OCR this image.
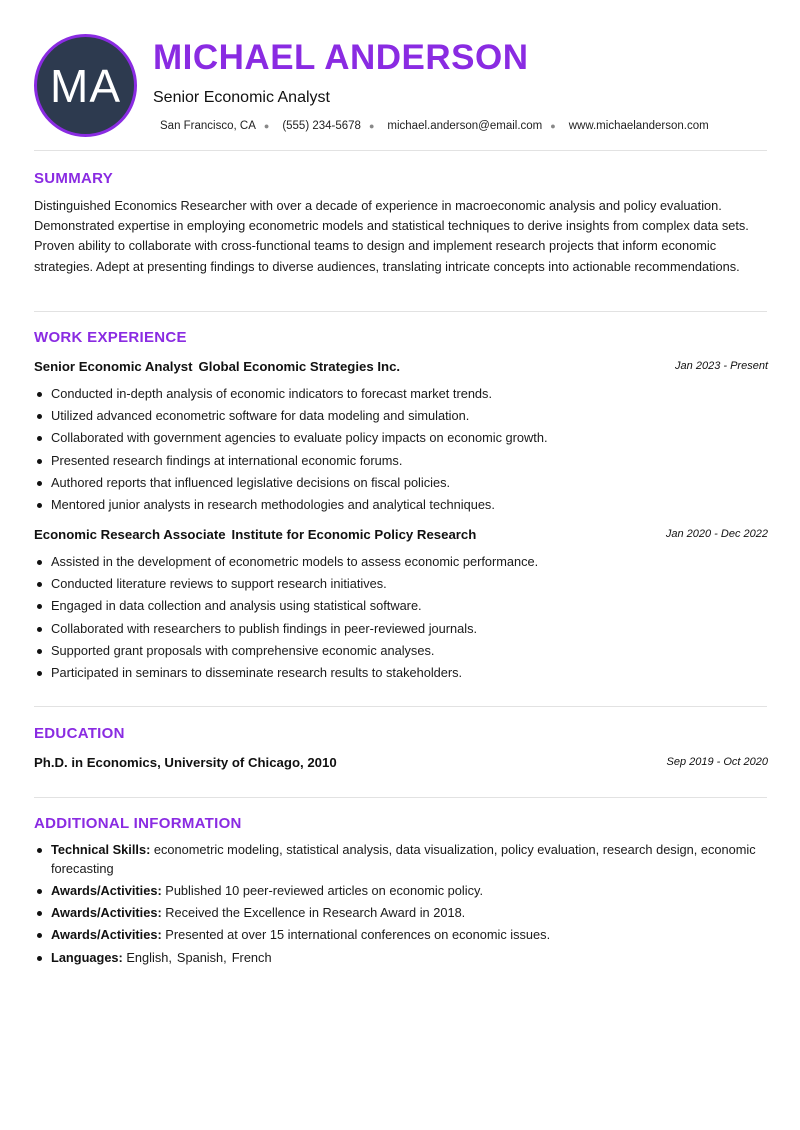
MA
MICHAEL ANDERSON
Senior Economic Analyst
San Francisco, CA ● (555) 234-5678 ● michael.anderson@email.com ● www.michaelanderson.com
SUMMARY

Distinguished Economics Researcher with over a decade of experience in macroeconomic analysis and policy evaluation. Demonstrated expertise in employing econometric models and statistical techniques to derive insights from complex data sets. Proven ability to collaborate with cross-functional teams to design and implement research projects that inform economic strategies. Adept at presenting findings to diverse audiences, translating intricate concepts into actionable recommendations.

WORK EXPERIENCE
Senior Economic Analyst Global Economic Strategies Inc.	Jan 2023 - Present
Conducted in-depth analysis of economic indicators to forecast market trends.
Utilized advanced econometric software for data modeling and simulation.
Collaborated with government agencies to evaluate policy impacts on economic growth.
Presented research findings at international economic forums.
Authored reports that influenced legislative decisions on fiscal policies.
Mentored junior analysts in research methodologies and analytical techniques.
Economic Research Associate Institute for Economic Policy Research	Jan 2020 - Dec 2022
Assisted in the development of econometric models to assess economic performance.
Conducted literature reviews to support research initiatives.
Engaged in data collection and analysis using statistical software.
Collaborated with researchers to publish findings in peer-reviewed journals.
Supported grant proposals with comprehensive economic analyses.
Participated in seminars to disseminate research results to stakeholders.
EDUCATION
Ph.D. in Economics, University of Chicago, 2010	Sep 2019 - Oct 2020
ADDITIONAL INFORMATION
Technical Skills: econometric modeling, statistical analysis, data visualization, policy evaluation, research design, economic forecasting
Awards/Activities: Published 10 peer-reviewed articles on economic policy.
Awards/Activities: Received the Excellence in Research Award in 2018.
Awards/Activities: Presented at over 15 international conferences on economic issues.
Languages: English, Spanish, French
